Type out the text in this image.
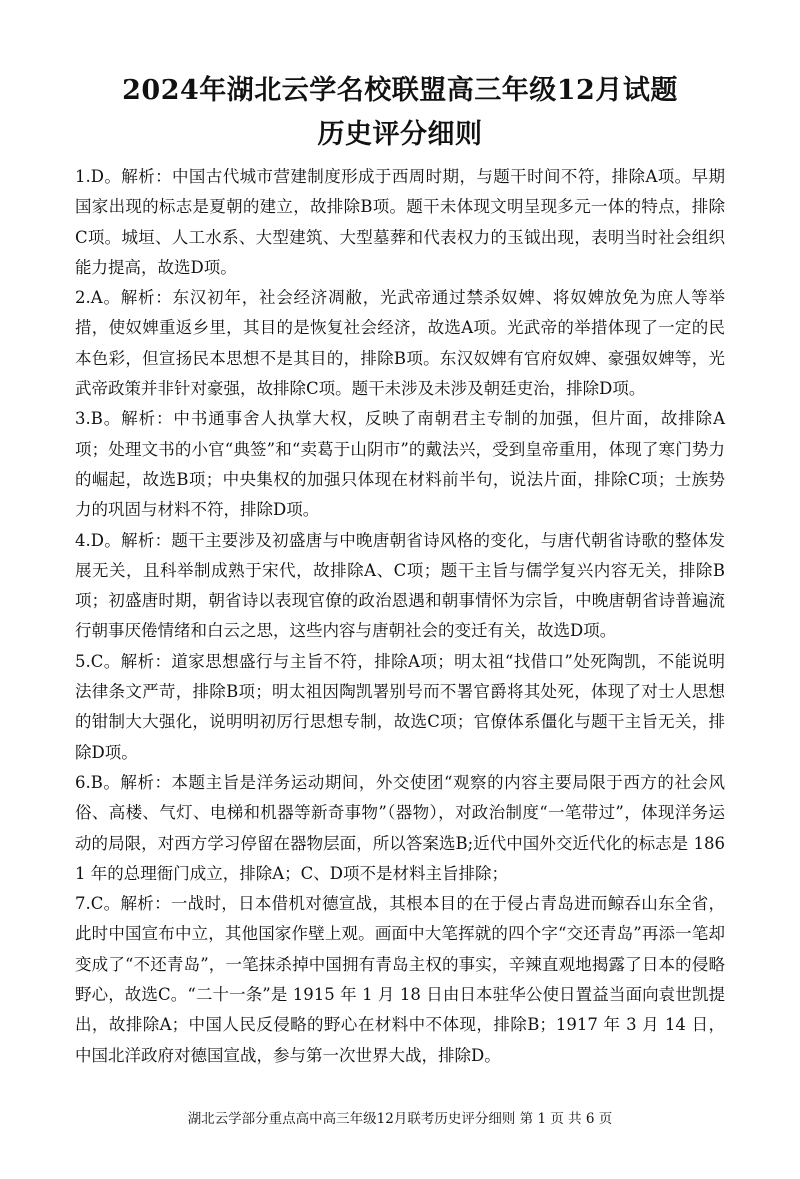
2024年湖北云学名校联盟高三年级12月试题
历史评分细则

1.D。解析：中国古代城市营建制度形成于西周时期，与题干时间不符，排除A项。早期国家出现的标志是夏朝的建立，故排除B项。题干未体现文明呈现多元一体的特点，排除C项。城垣、人工水系、大型建筑、大型墓葬和代表权力的玉钺出现，表明当时社会组织能力提高，故选D项。

2.A。解析：东汉初年，社会经济凋敝，光武帝通过禁杀奴婢、将奴婢放免为庶人等举措，使奴婢重返乡里，其目的是恢复社会经济，故选A项。光武帝的举措体现了一定的民本色彩，但宣扬民本思想不是其目的，排除B项。东汉奴婢有官府奴婢、豪强奴婢等，光武帝政策并非针对豪强，故排除C项。题干未涉及未涉及朝廷吏治，排除D项。

3.B。解析：中书通事舍人执掌大权，反映了南朝君主专制的加强，但片面，故排除A项；处理文书的小官“典签”和“卖葛于山阴市”的戴法兴，受到皇帝重用，体现了寒门势力的崛起，故选B项；中央集权的加强只体现在材料前半句，说法片面，排除C项；士族势力的巩固与材料不符，排除D项。

4.D。解析：题干主要涉及初盛唐与中晚唐朝省诗风格的变化，与唐代朝省诗歌的整体发展无关，且科举制成熟于宋代，故排除A、C项；题干主旨与儒学复兴内容无关，排除B项；初盛唐时期，朝省诗以表现官僚的政治恩遇和朝事情怀为宗旨，中晚唐朝省诗普遍流行朝事厌倦情绪和白云之思，这些内容与唐朝社会的变迁有关，故选D项。

5.C。解析：道家思想盛行与主旨不符，排除A项；明太祖“找借口”处死陶凯，不能说明法律条文严苛，排除B项；明太祖因陶凯署别号而不署官爵将其处死，体现了对士人思想的钳制大大强化，说明明初厉行思想专制，故选C项；官僚体系僵化与题干主旨无关，排除D项。

6.B。解析：本题主旨是洋务运动期间，外交使团“观察的内容主要局限于西方的社会风俗、高楼、气灯、电梯和机器等新奇事物”（器物），对政治制度“一笔带过”，体现洋务运动的局限，对西方学习停留在器物层面，所以答案选B;近代中国外交近代化的标志是 1861 年的总理衙门成立，排除A；C、D项不是材料主旨排除；

7.C。解析：一战时，日本借机对德宣战，其根本目的在于侵占青岛进而鲸吞山东全省，此时中国宣布中立，其他国家作壁上观。画面中大笔挥就的四个字“交还青岛”再添一笔却变成了“不还青岛”，一笔抹杀掉中国拥有青岛主权的事实，辛辣直观地揭露了日本的侵略野心，故选C。“二十一条”是 1915 年 1 月 18 日由日本驻华公使日置益当面向袁世凯提出，故排除A；中国人民反侵略的野心在材料中不体现，排除B；1917 年 3 月 14 日，中国北洋政府对德国宣战，参与第一次世界大战，排除D。

湖北云学部分重点高中高三年级12月联考历史评分细则 第 1 页 共 6 页
